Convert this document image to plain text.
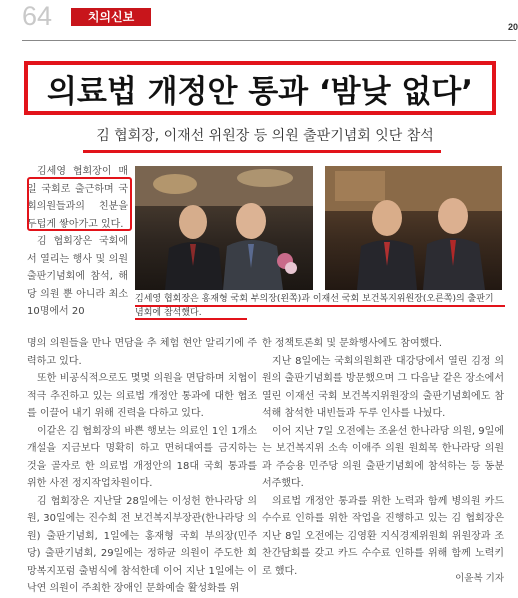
64	치의신보
20
의료법 개정안 통과 ‘밤낮 없다’
김 협회장, 이재선 위원장 등 의원 출판기념회 잇단 참석

김세영 협회장이 매일 국회로 출근하며 국회의원들과의 친분을 두텁게 쌓아가고 있다.

김 협회장은 국회에서 열리는 행사 및 의원 출판기념회에 참석, 해당 의원 뿐 아니라 최소 10명에서 20

김세영 협회장은 홍재형 국회 부의장(왼쪽)과 이재선 국회 보건복지위원장(오른쪽)의 출판기념회에 참석했다.

명의 의원들을 만나 면담을 추 체험 현안 알리기에 주력하고 있다.

또한 비공식적으로도 몇몇 의원을 면담하며 치협이 적극 추진하고 있는 의료법 개정안 통과에 대한 협조를 이끌어 내기 위해 진력을 다하고 있다.

이같은 김 협회장의 바쁜 행보는 의료인 1인 1개소 개설을 지금보다 명확히 하고 면허대여를 금지하는 것을 골자로 한 의료법 개정안의 18대 국회 통과를 위한 사전 정지작업차원이다.

김 협회장은 지난달 28일에는 이성헌 한나라당 의원, 30일에는 진수희 전 보건복지부장관(한나라당 의원) 출판기념회, 1일에는 홍재형 국회 부의장(민주당) 출판기념회, 29일에는 정하균 의원이 주도한 희망복지포럼 출범식에 참석한데 이어 지난 1일에는 이낙연 의원이 주최한 장애인 문화예술 활성화를 위

한 정책토론회 및 문화행사에도 참여했다.

지난 8일에는 국회의원회관 대강당에서 열린 김정 의원의 출판기념회를 방문했으며 그 다음날 같은 장소에서 열린 이재선 국회 보건복지위원장의 출판기념회에도 참석해 참석한 내빈들과 두루 인사를 나눴다.

이어 지난 7일 오전에는 조윤선 한나라당 의원, 9일에는 보건복지위 소속 이애주 의원 원희목 한나라당 의원과 주승용 민주당 의원 출판기념회에 참석하는 등 동분서주했다.

의료법 개정안 통과를 위한 노력과 함께 병의원 카드수수료 인하를 위한 작업을 진행하고 있는 김 협회장은 지난 8일 오전에는 김영환 지식경제위원회 위원장과 조찬간담회를 갖고 카드 수수료 인하를 위해 함께 노력키로 했다.

이윤복 기자
